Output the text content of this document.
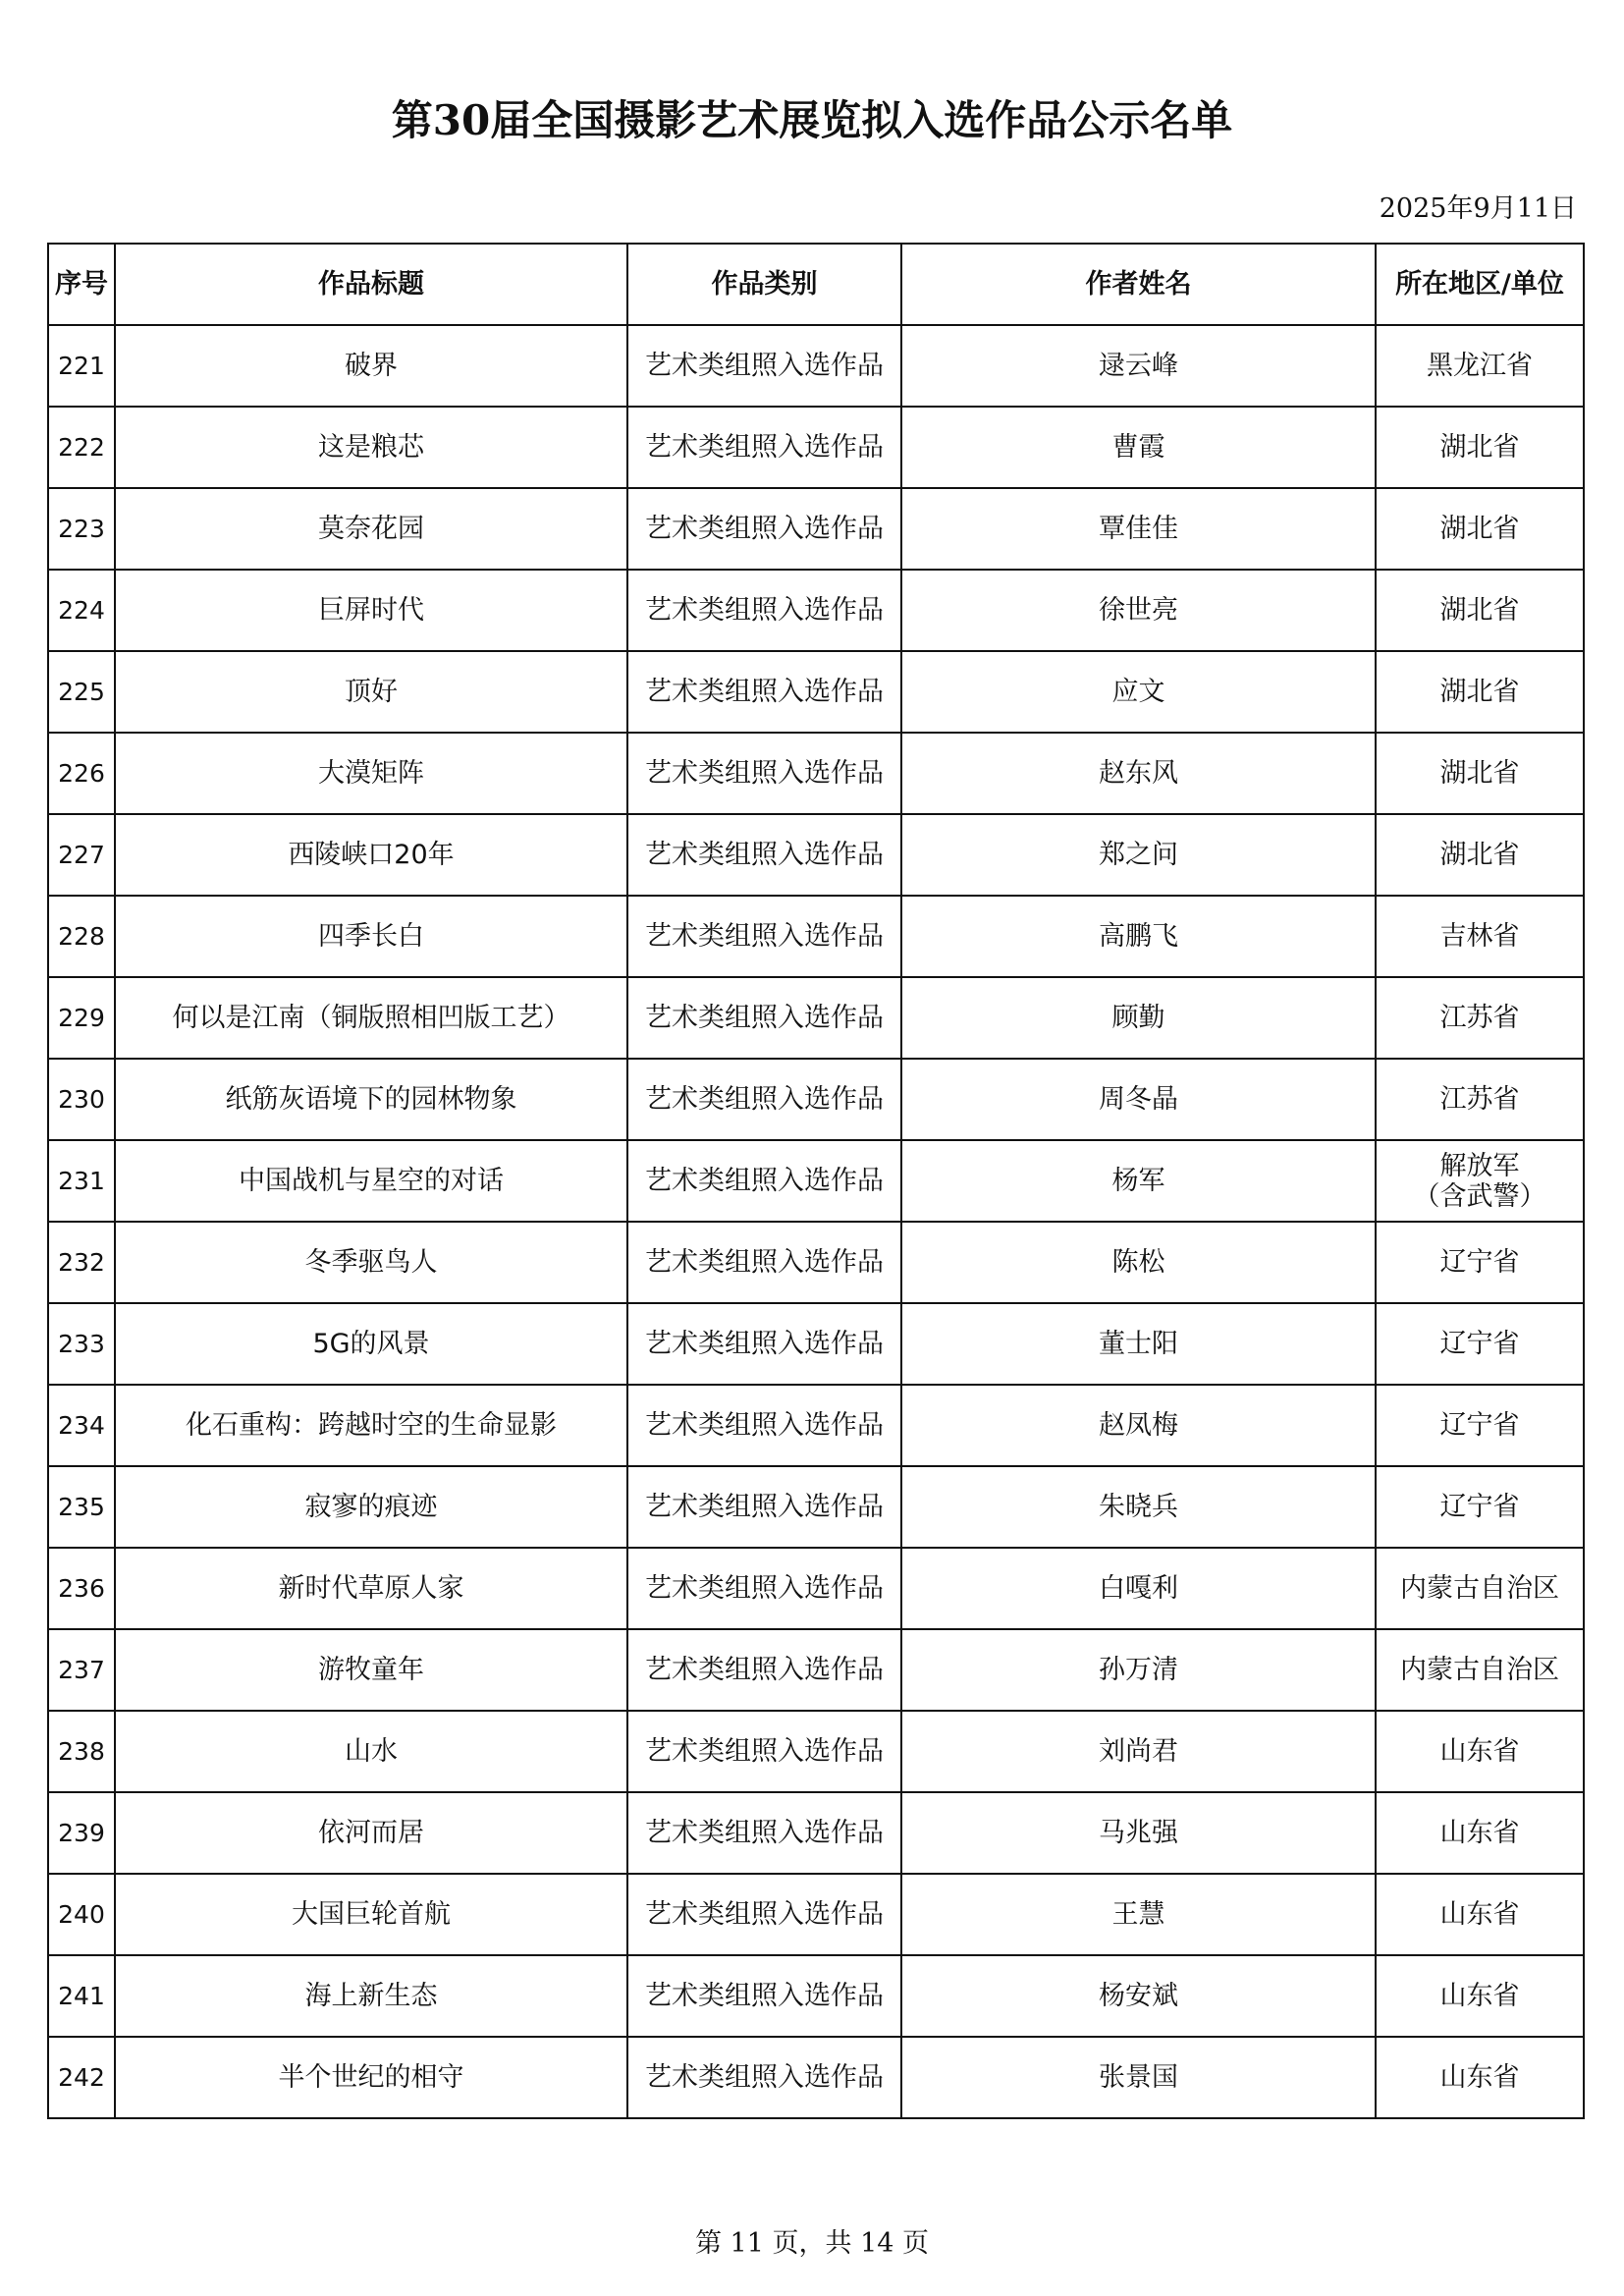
第30届全国摄影艺术展览拟入选作品公示名单
2025年9月11日
序号	作品标题	作品类别	作者姓名	所在地区/单位
221	破界	艺术类组照入选作品	逯云峰	黑龙江省

222	这是粮芯	艺术类组照入选作品	曹霞	湖北省

223	莫奈花园	艺术类组照入选作品	覃佳佳	湖北省

224	巨屏时代	艺术类组照入选作品	徐世亮	湖北省

225	顶好	艺术类组照入选作品	应文	湖北省

226	大漠矩阵	艺术类组照入选作品	赵东风	湖北省

227	西陵峡口20年	艺术类组照入选作品	郑之问	湖北省

228	四季长白	艺术类组照入选作品	高鹏飞	吉林省

229	何以是江南（铜版照相凹版工艺）	艺术类组照入选作品	顾勤	江苏省

230	纸筋灰语境下的园林物象	艺术类组照入选作品	周冬晶	江苏省

231	中国战机与星空的对话	艺术类组照入选作品	杨军	解放军
（含武警）

232	冬季驱鸟人	艺术类组照入选作品	陈松	辽宁省

233	5G的风景	艺术类组照入选作品	董士阳	辽宁省

234	化石重构：跨越时空的生命显影	艺术类组照入选作品	赵凤梅	辽宁省

235	寂寥的痕迹	艺术类组照入选作品	朱晓兵	辽宁省

236	新时代草原人家	艺术类组照入选作品	白嘎利	内蒙古自治区

237	游牧童年	艺术类组照入选作品	孙万清	内蒙古自治区

238	山水	艺术类组照入选作品	刘尚君	山东省

239	依河而居	艺术类组照入选作品	马兆强	山东省

240	大国巨轮首航	艺术类组照入选作品	王慧	山东省

241	海上新生态	艺术类组照入选作品	杨安斌	山东省

242	半个世纪的相守	艺术类组照入选作品	张景国	山东省
第 11 页，共 14 页
